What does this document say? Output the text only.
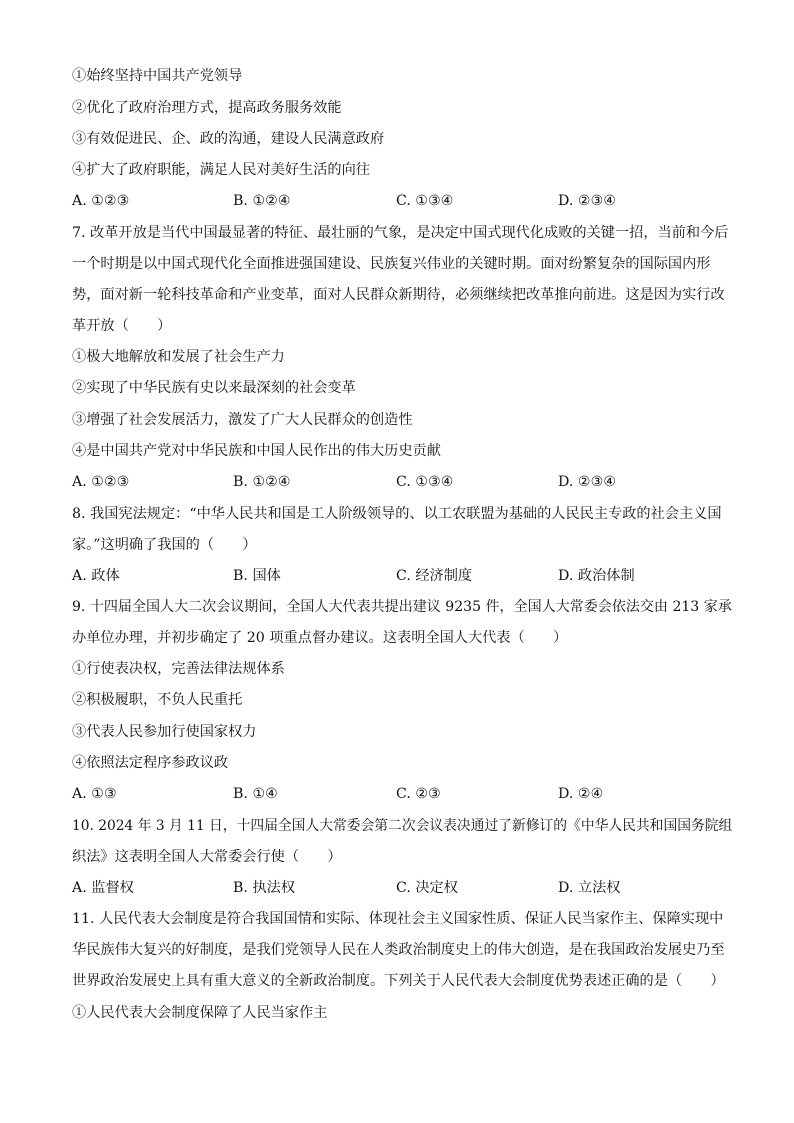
①始终坚持中国共产党领导
②优化了政府治理方式，提高政务服务效能
③有效促进民、企、政的沟通，建设人民满意政府
④扩大了政府职能，满足人民对美好生活的向往
A. ①②③	B. ①②④	C. ①③④	D. ②③④
7. 改革开放是当代中国最显著的特征、最壮丽的气象，是决定中国式现代化成败的关键一招，当前和今后
一个时期是以中国式现代化全面推进强国建设、民族复兴伟业的关键时期。面对纷繁复杂的国际国内形
势，面对新一轮科技革命和产业变革，面对人民群众新期待，必须继续把改革推向前进。这是因为实行改
革开放（　　）
①极大地解放和发展了社会生产力
②实现了中华民族有史以来最深刻的社会变革
③增强了社会发展活力，激发了广大人民群众的创造性
④是中国共产党对中华民族和中国人民作出的伟大历史贡献
A. ①②③	B. ①②④	C. ①③④	D. ②③④
8. 我国宪法规定：“中华人民共和国是工人阶级领导的、以工农联盟为基础的人民民主专政的社会主义国
家。”这明确了我国的（　　）
A. 政体	B. 国体	C. 经济制度	D. 政治体制
9. 十四届全国人大二次会议期间，全国人大代表共提出建议 9235 件，全国人大常委会依法交由 213 家承
办单位办理，并初步确定了 20 项重点督办建议。这表明全国人大代表（　　）
①行使表决权，完善法律法规体系
②积极履职，不负人民重托
③代表人民参加行使国家权力
④依照法定程序参政议政
A. ①③	B. ①④	C. ②③	D. ②④
10. 2024 年 3 月 11 日，十四届全国人大常委会第二次会议表决通过了新修订的《中华人民共和国国务院组
织法》这表明全国人大常委会行使（　　）
A. 监督权	B. 执法权	C. 决定权	D. 立法权
11. 人民代表大会制度是符合我国国情和实际、体现社会主义国家性质、保证人民当家作主、保障实现中
华民族伟大复兴的好制度，是我们党领导人民在人类政治制度史上的伟大创造，是在我国政治发展史乃至
世界政治发展史上具有重大意义的全新政治制度。下列关于人民代表大会制度优势表述正确的是（　　）
①人民代表大会制度保障了人民当家作主
